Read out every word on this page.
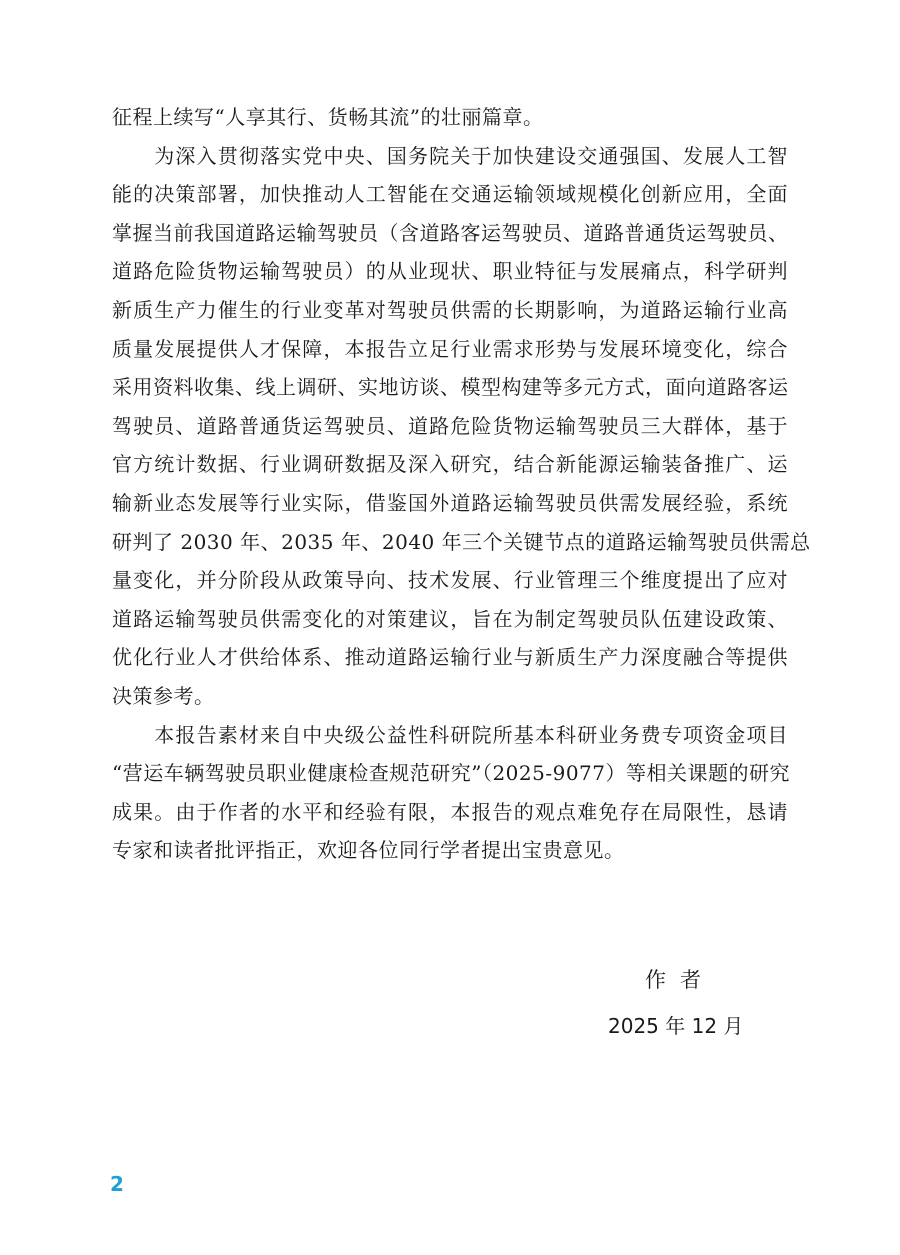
征程上续写“人享其行、货畅其流”的壮丽篇章。

　　为深入贯彻落实党中央、国务院关于加快建设交通强国、发展人工智
能的决策部署，加快推动人工智能在交通运输领域规模化创新应用，全面
掌握当前我国道路运输驾驶员（含道路客运驾驶员、道路普通货运驾驶员、
道路危险货物运输驾驶员）的从业现状、职业特征与发展痛点，科学研判
新质生产力催生的行业变革对驾驶员供需的长期影响，为道路运输行业高
质量发展提供人才保障，本报告立足行业需求形势与发展环境变化，综合
采用资料收集、线上调研、实地访谈、模型构建等多元方式，面向道路客运
驾驶员、道路普通货运驾驶员、道路危险货物运输驾驶员三大群体，基于
官方统计数据、行业调研数据及深入研究，结合新能源运输装备推广、运
输新业态发展等行业实际，借鉴国外道路运输驾驶员供需发展经验，系统
研判了 2030 年、2035 年、2040 年三个关键节点的道路运输驾驶员供需总
量变化，并分阶段从政策导向、技术发展、行业管理三个维度提出了应对
道路运输驾驶员供需变化的对策建议，旨在为制定驾驶员队伍建设政策、
优化行业人才供给体系、推动道路运输行业与新质生产力深度融合等提供
决策参考。

　　本报告素材来自中央级公益性科研院所基本科研业务费专项资金项目
“营运车辆驾驶员职业健康检查规范研究”（2025-9077）等相关课题的研究
成果。由于作者的水平和经验有限，本报告的观点难免存在局限性，恳请
专家和读者批评指正，欢迎各位同行学者提出宝贵意见。

作者
2025 年 12 月
2
